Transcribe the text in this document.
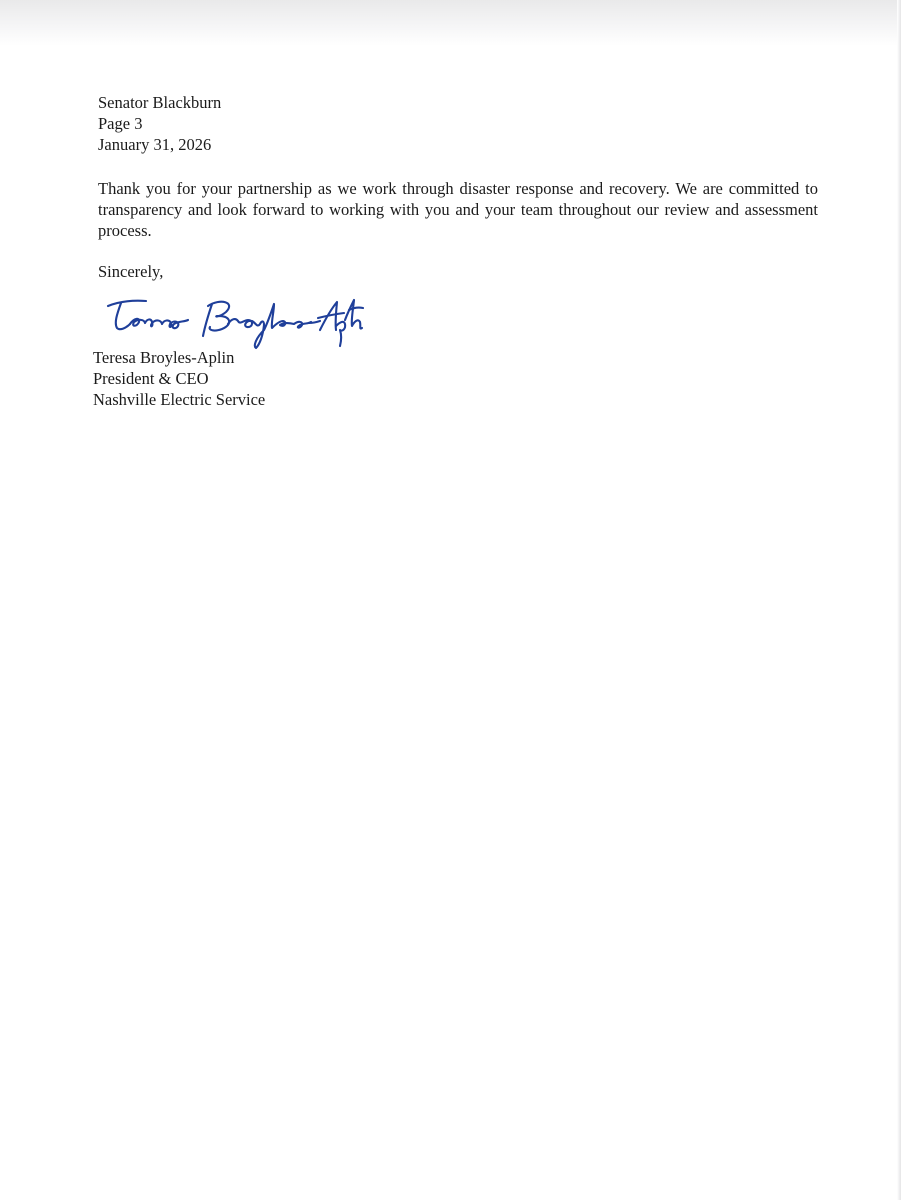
Senator Blackburn
Page 3
January 31, 2026

Thank you for your partnership as we work through disaster response and recovery. We are committed to transparency and look forward to working with you and your team throughout our review and assessment process.

Sincerely,
Teresa Broyles-Aplin
President & CEO
Nashville Electric Service
